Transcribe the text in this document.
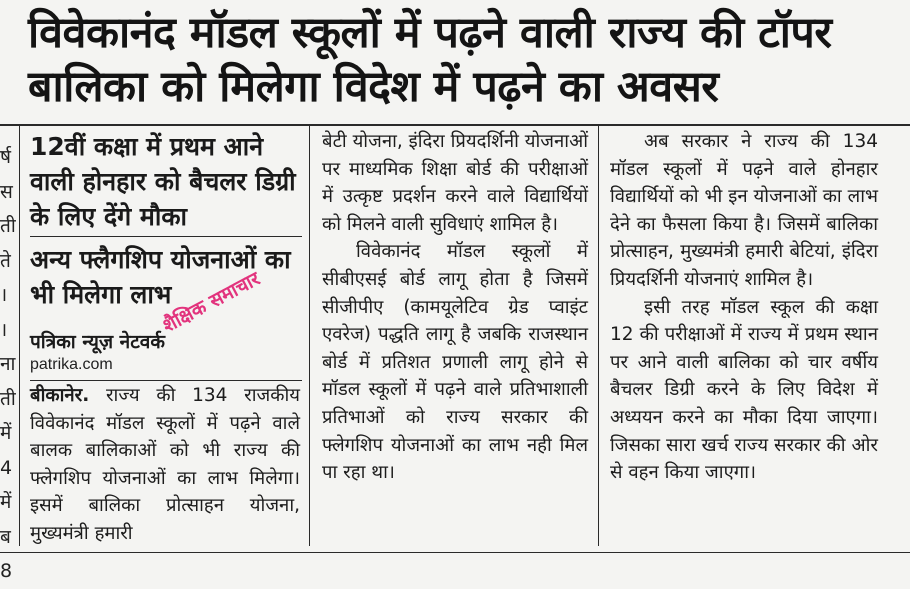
विवेकानंद मॉडल स्कूलों में पढ़ने वाली राज्य की टॉपर
बालिका को मिलेगा विदेश में पढ़ने का अवसर
र्ष
स
ती
ते
।
।
ना
ती
में
4
में
ब
8
12वीं कक्षा में प्रथम आने वाली होनहार को बैचलर डिग्री के लिए देंगे मौका
अन्य फ्लैगशिप योजनाओं का भी मिलेगा लाभ
पत्रिका न्यूज़ नेटवर्क
patrika.com
शैक्षिक समाचार

बीकानेर. राज्य की 134 राजकीय विवेकानंद मॉडल स्कूलों में पढ़ने वाले बालक बालिकाओं को भी राज्य की फ्लेगशिप योजनाओं का लाभ मिलेगा। इसमें बालिका प्रोत्साहन योजना, मुख्यमंत्री हमारी

बेटी योजना, इंदिरा प्रियदर्शिनी योजनाओं पर माध्यमिक शिक्षा बोर्ड की परीक्षाओं में उत्कृष्ट प्रदर्शन करने वाले विद्यार्थियों को मिलने वाली सुविधाएं शामिल है।

विवेकानंद मॉडल स्कूलों में सीबीएसई बोर्ड लागू होता है जिसमें सीजीपीए (कामयूलेटिव ग्रेड प्वाइंट एवरेज) पद्धति लागू है जबकि राजस्थान बोर्ड में प्रतिशत प्रणाली लागू होने से मॉडल स्कूलों में पढ़ने वाले प्रतिभाशाली प्रतिभाओं को राज्य सरकार की फ्लेगशिप योजनाओं का लाभ नही मिल पा रहा था।

अब सरकार ने राज्य की 134 मॉडल स्कूलों में पढ़ने वाले होनहार विद्यार्थियों को भी इन योजनाओं का लाभ देने का फैसला किया है। जिसमें बालिका प्रोत्साहन, मुख्यमंत्री हमारी बेटियां, इंदिरा प्रियदर्शिनी योजनाएं शामिल है।

इसी तरह मॉडल स्कूल की कक्षा 12 की परीक्षाओं में राज्य में प्रथम स्थान पर आने वाली बालिका को चार वर्षीय बैचलर डिग्री करने के लिए विदेश में अध्ययन करने का मौका दिया जाएगा। जिसका सारा खर्च राज्य सरकार की ओर से वहन किया जाएगा।
